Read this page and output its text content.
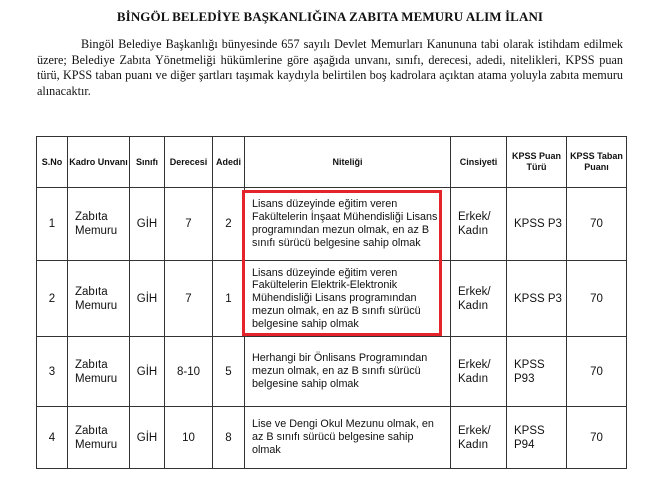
BİNGÖL BELEDİYE BAŞKANLIĞINA ZABITA MEMURU ALIM İLANI
Bingöl Belediye Başkanlığı bünyesinde 657 sayılı Devlet Memurları Kanununa tabi olarak istihdam edilmek üzere; Belediye Zabıta Yönetmeliği hükümlerine göre aşağıda unvanı, sınıfı, derecesi, adedi, nitelikleri, KPSS puan türü, KPSS taban puanı ve diğer şartları taşımak kaydıyla belirtilen boş kadrolara açıktan atama yoluyla zabıta memuru alınacaktır.
S.No	Kadro Unvanı	Sınıfı	Derecesi	Adedi	Niteliği	Cinsiyeti	KPSS Puan Türü	KPSS Taban Puanı
1	Zabıta Memuru	GİH	7	2	Lisans düzeyinde eğitim veren Fakültelerin İnşaat Mühendisliği Lisans programından mezun olmak, en az B sınıfı sürücü belgesine sahip olmak	Erkek/ Kadın	KPSS P3	70
2	Zabıta Memuru	GİH	7	1	Lisans düzeyinde eğitim veren Fakültelerin Elektrik-Elektronik Mühendisliği Lisans programından mezun olmak, en az B sınıfı sürücü belgesine sahip olmak	Erkek/ Kadın	KPSS P3	70
3	Zabıta Memuru	GİH	8-10	5	Herhangi bir Önlisans Programından mezun olmak, en az B sınıfı sürücü belgesine sahip olmak	Erkek/ Kadın	KPSS P93	70
4	Zabıta Memuru	GİH	10	8	Lise ve Dengi Okul Mezunu olmak, en az B sınıfı sürücü belgesine sahip olmak	Erkek/ Kadın	KPSS P94	70
